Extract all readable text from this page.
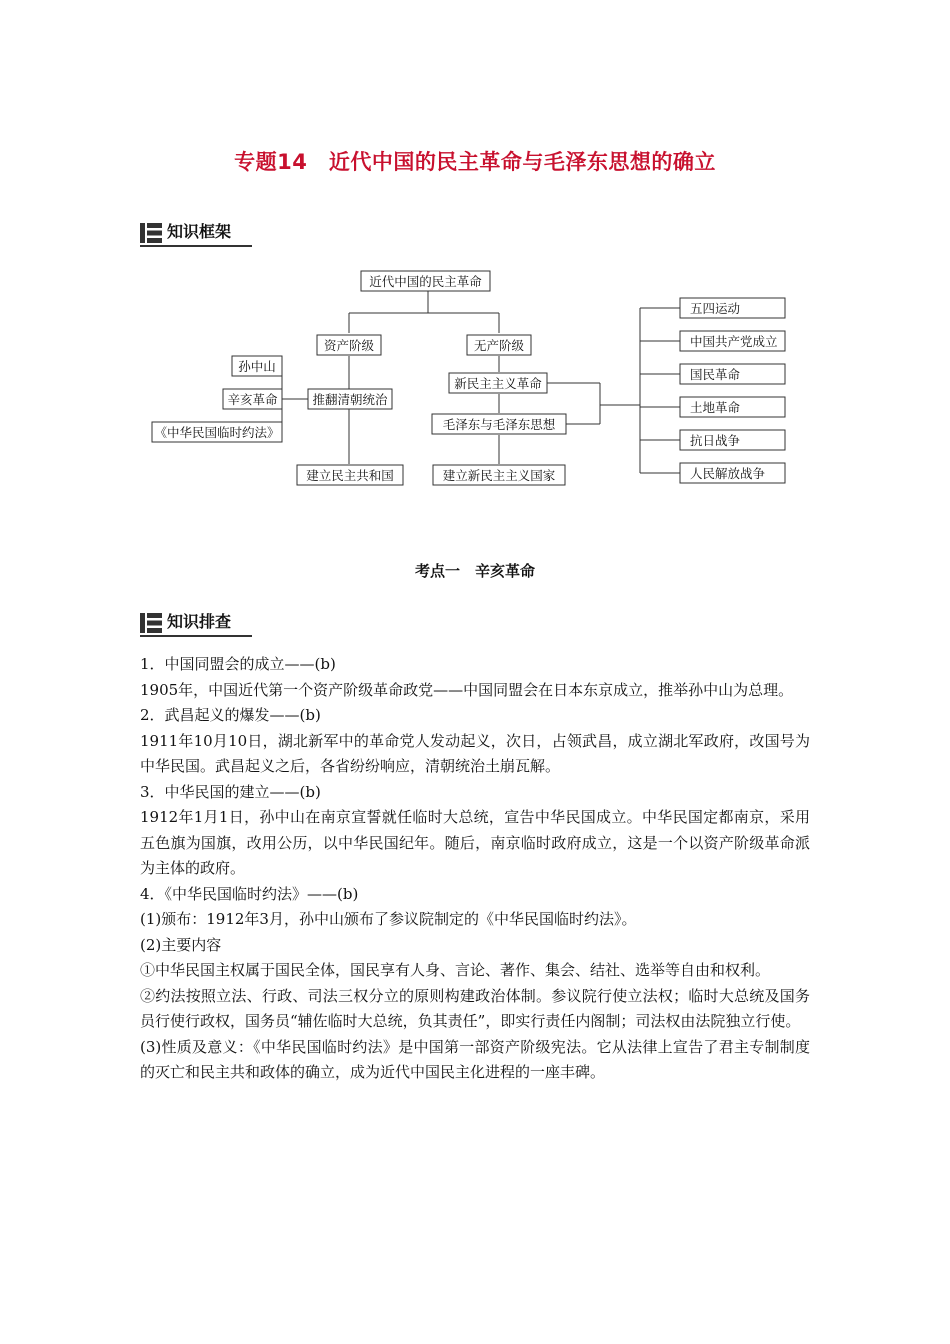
专题14　近代中国的民主革命与毛泽东思想的确立
知识框架
近代中国的民主革命
资产阶级	无产阶级
孙中山
辛亥革命
《中华民国临时约法》
推翻清朝统治
建立民主共和国
新民主主义革命
毛泽东与毛泽东思想
建立新民主主义国家
五四运动
中国共产党成立
国民革命
土地革命
抗日战争
人民解放战争
考点一　辛亥革命
知识排查

1．中国同盟会的成立——(b)

1905年，中国近代第一个资产阶级革命政党——中国同盟会在日本东京成立，推举孙中山为总理。

2．武昌起义的爆发——(b)

1911年10月10日，湖北新军中的革命党人发动起义，次日，占领武昌，成立湖北军政府，改国号为中华民国。武昌起义之后，各省纷纷响应，清朝统治土崩瓦解。

3．中华民国的建立——(b)

1912年1月1日，孙中山在南京宣誓就任临时大总统，宣告中华民国成立。中华民国定都南京，采用五色旗为国旗，改用公历，以中华民国纪年。随后，南京临时政府成立，这是一个以资产阶级革命派为主体的政府。

4．《中华民国临时约法》——(b)

(1)颁布：1912年3月，孙中山颁布了参议院制定的《中华民国临时约法》。

(2)主要内容

①中华民国主权属于国民全体，国民享有人身、言论、著作、集会、结社、选举等自由和权利。

②约法按照立法、行政、司法三权分立的原则构建政治体制。参议院行使立法权；临时大总统及国务员行使行政权，国务员“辅佐临时大总统，负其责任”，即实行责任内阁制；司法权由法院独立行使。

(3)性质及意义：《中华民国临时约法》是中国第一部资产阶级宪法。它从法律上宣告了君主专制制度的灭亡和民主共和政体的确立，成为近代中国民主化进程的一座丰碑。
